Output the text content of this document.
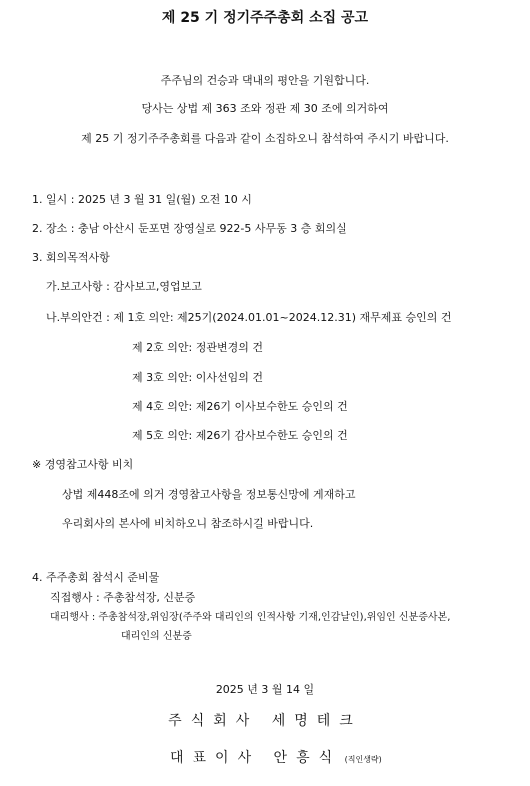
제 25 기 정기주주총회 소집 공고
주주님의 건승과 댁내의 평안을 기원합니다.
당사는 상법 제 363 조와 정관 제 30 조에 의거하여
제 25 기 정기주주총회를 다음과 같이 소집하오니 참석하여 주시기 바랍니다.
1. 일시 : 2025 년 3 월 31 일(월) 오전 10 시
2. 장소 : 충남 아산시 둔포면 장영실로 922-5 사무동 3 층 회의실
3. 회의목적사항
가.보고사항 : 감사보고,영업보고
나.부의안건 : 제 1호 의안: 제25기(2024.01.01~2024.12.31) 재무제표 승인의 건
제 2호 의안: 정관변경의 건
제 3호 의안: 이사선임의 건
제 4호 의안: 제26기 이사보수한도 승인의 건
제 5호 의안: 제26기 감사보수한도 승인의 건
※ 경영참고사항 비치
상법 제448조에 의거 경영참고사항을 정보통신망에 게재하고
우리회사의 본사에 비치하오니 참조하시길 바랍니다.
4. 주주총회 참석시 준비물
직접행사 : 주총참석장, 신분증
대리행사 : 주총참석장,위임장(주주와 대리인의 인적사항 기재,인감날인),위임인 신분증사본,
대리인의 신분증
2025 년 3 월 14 일
주식회사 세명테크
대표이사 안흥식 (직인생략)
